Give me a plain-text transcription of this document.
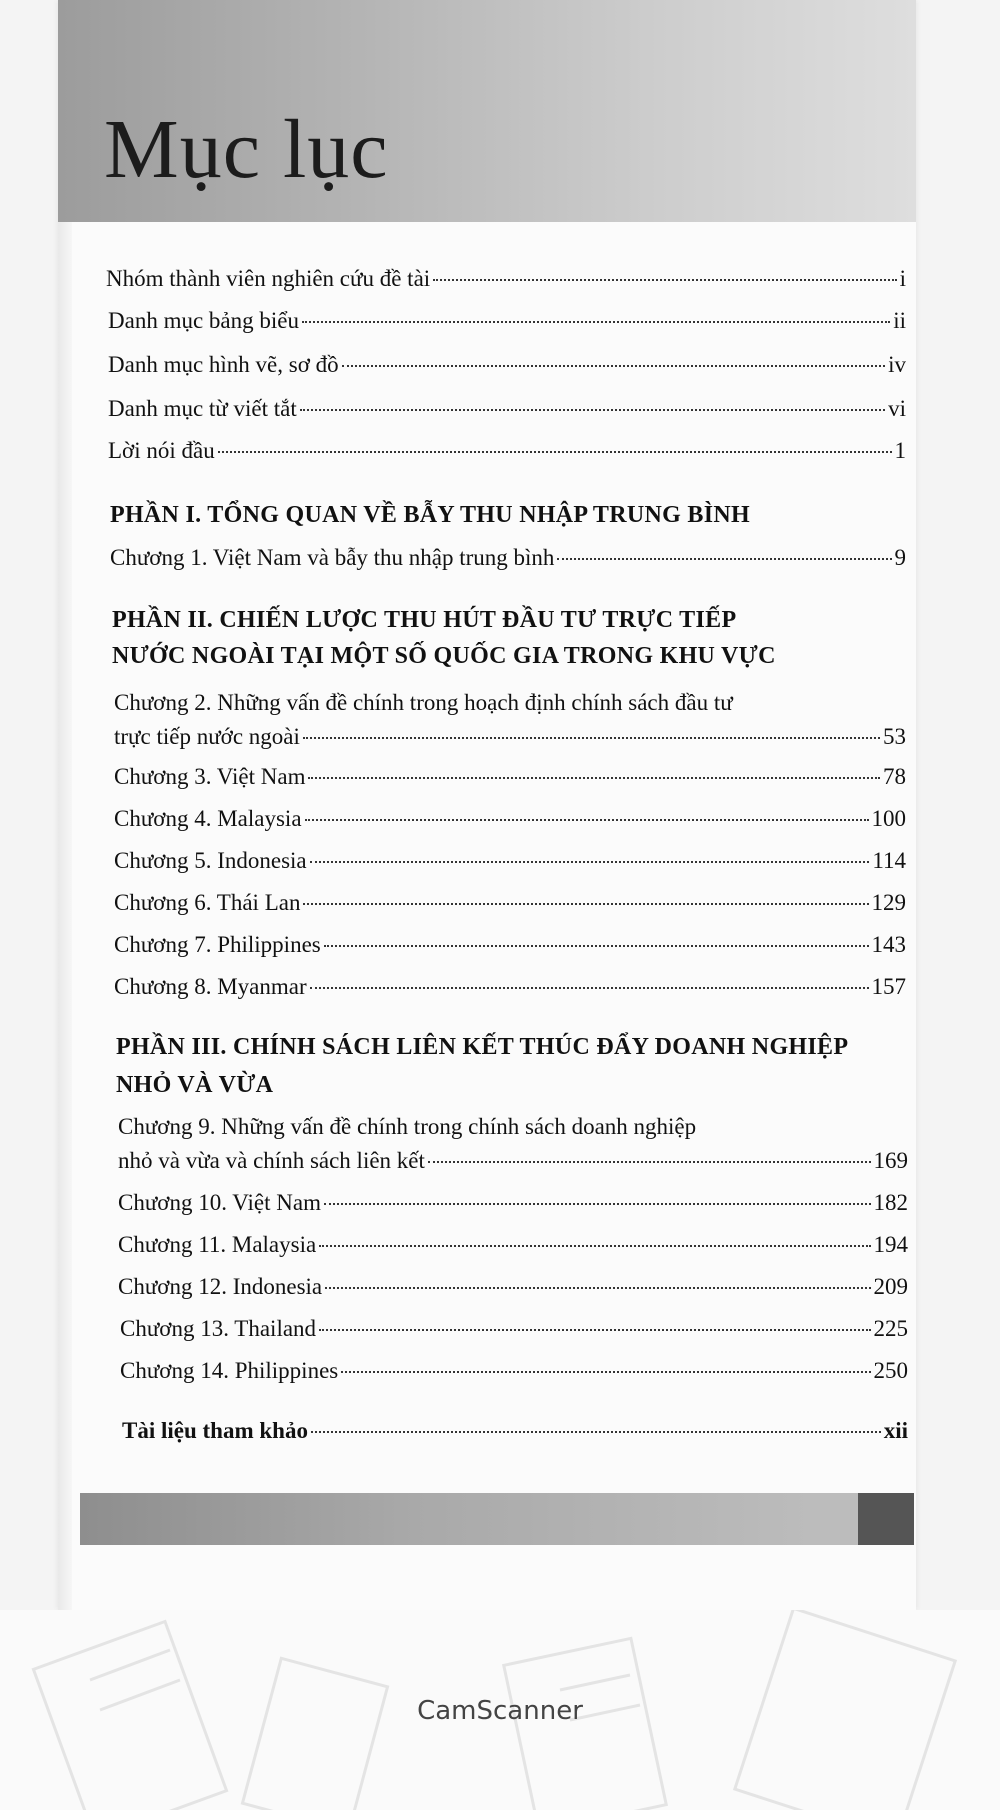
Mục lục
Nhóm thành viên nghiên cứu đề tài	i
Danh mục bảng biểu	ii
Danh mục hình vẽ, sơ đồ	iv
Danh mục từ viết tắt	vi
Lời nói đầu	1
PHẦN I. TỔNG QUAN VỀ BẪY THU NHẬP TRUNG BÌNH
Chương 1. Việt Nam và bẫy thu nhập trung bình	9
PHẦN II. CHIẾN LƯỢC THU HÚT ĐẦU TƯ TRỰC TIẾP
NƯỚC NGOÀI TẠI MỘT SỐ QUỐC GIA TRONG KHU VỰC
Chương 2. Những vấn đề chính trong hoạch định chính sách đầu tư
trực tiếp nước ngoài	53
Chương 3. Việt Nam	78
Chương 4. Malaysia	100
Chương 5. Indonesia	114
Chương 6. Thái Lan	129
Chương 7. Philippines	143
Chương 8. Myanmar	157
PHẦN III. CHÍNH SÁCH LIÊN KẾT THÚC ĐẨY DOANH NGHIỆP
NHỎ VÀ VỪA
Chương 9. Những vấn đề chính trong chính sách doanh nghiệp
nhỏ và vừa và chính sách liên kết	169
Chương 10. Việt Nam	182
Chương 11. Malaysia	194
Chương 12. Indonesia	209
Chương 13. Thailand	225
Chương 14. Philippines	250
Tài liệu tham khảo	xii
CamScanner
